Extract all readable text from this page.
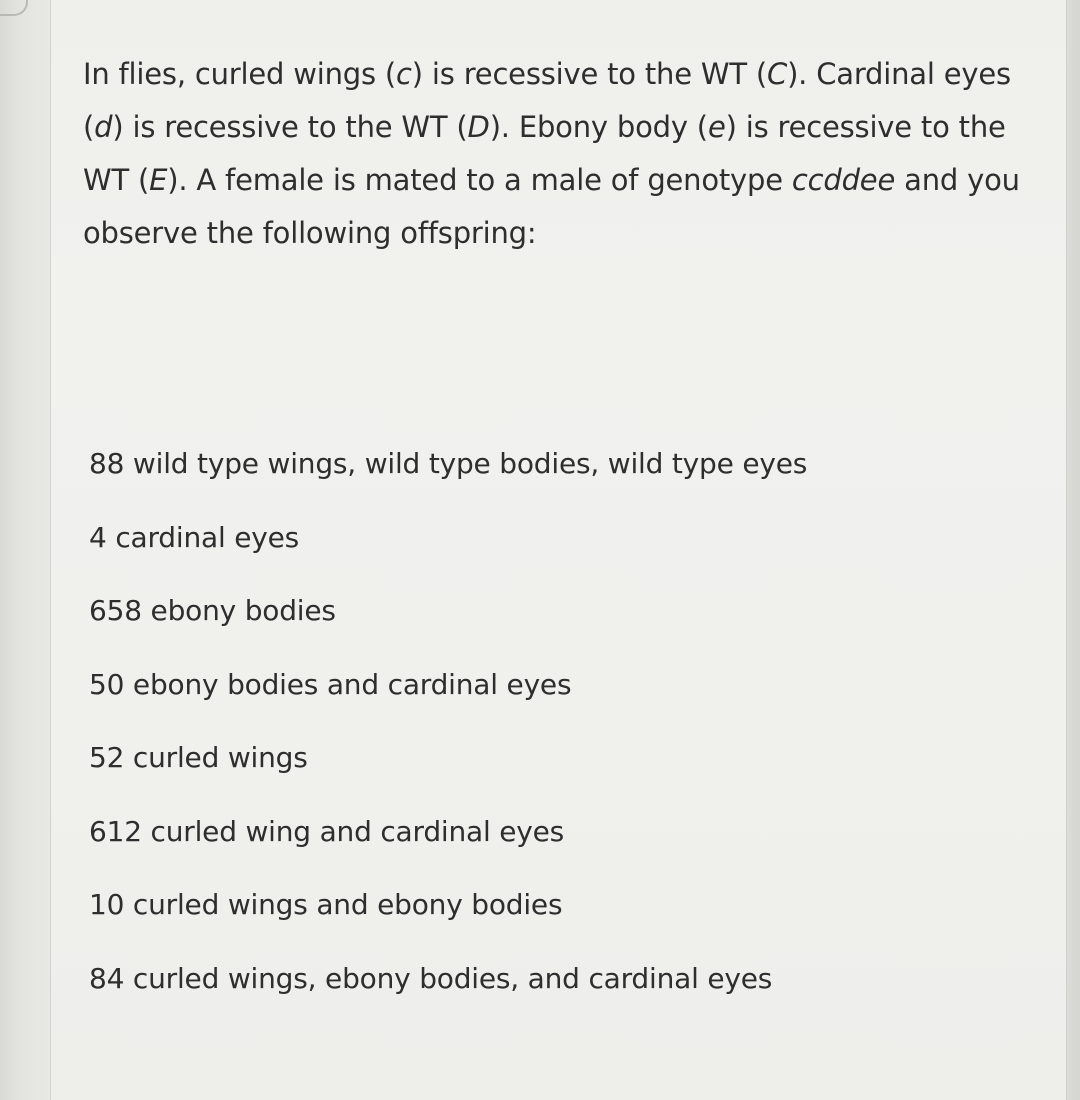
In flies, curled wings (c) is recessive to the WT (C). Cardinal eyes (d) is recessive to the WT (D). Ebony body (e) is recessive to the WT (E). A female is mated to a male of genotype ccddee and you observe the following offspring:

88 wild type wings, wild type bodies, wild type eyes
4 cardinal eyes
658 ebony bodies
50 ebony bodies and cardinal eyes
52 curled wings
612 curled wing and cardinal eyes
10 curled wings and ebony bodies
84 curled wings, ebony bodies, and cardinal eyes
